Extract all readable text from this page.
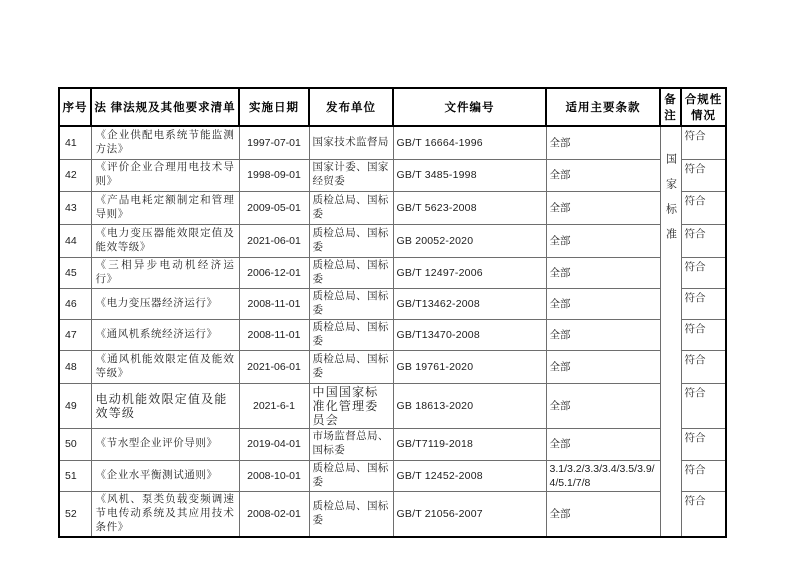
序号	法 律法规及其他要求清单	实施日期	发布单位	文件编号	适用主要条款	备注	合规性情况
41	《企业供配电系统节能监测方法》	1997-07-01	国家技术监督局	GB/T 16664-1996	全部	国家标准	符合
42	《评价企业合理用电技术导则》	1998-09-01	国家计委、国家经贸委	GB/T 3485-1998	全部		符合
43	《产品电耗定额制定和管理导则》	2009-05-01	质检总局、国标委	GB/T 5623-2008	全部		符合
44	《电力变压器能效限定值及能效等级》	2021-06-01	质检总局、国标委	GB 20052-2020	全部		符合
45	《三相异步电动机经济运行》	2006-12-01	质检总局、国标委	GB/T 12497-2006	全部		符合
46	《电力变压器经济运行》	2008-11-01	质检总局、国标委	GB/T13462-2008	全部		符合
47	《通风机系统经济运行》	2008-11-01	质检总局、国标委	GB/T13470-2008	全部		符合
48	《通风机能效限定值及能效等级》	2021-06-01	质检总局、国标委	GB 19761-2020	全部		符合
49	电动机能效限定值及能效等级	2021-6-1	中国国家标准化管理委员会	GB 18613-2020	全部		符合
50	《节水型企业评价导则》	2019-04-01	市场监督总局、国标委	GB/T7119-2018	全部		符合
51	《企业水平衡测试通则》	2008-10-01	质检总局、国标委	GB/T 12452-2008	3.1/3.2/3.3/3.4/3.5/3.9/4/5.1/7/8		符合
52	《风机、泵类负载变频调速节电传动系统及其应用技术条件》	2008-02-01	质检总局、国标委	GB/T 21056-2007	全部		符合
